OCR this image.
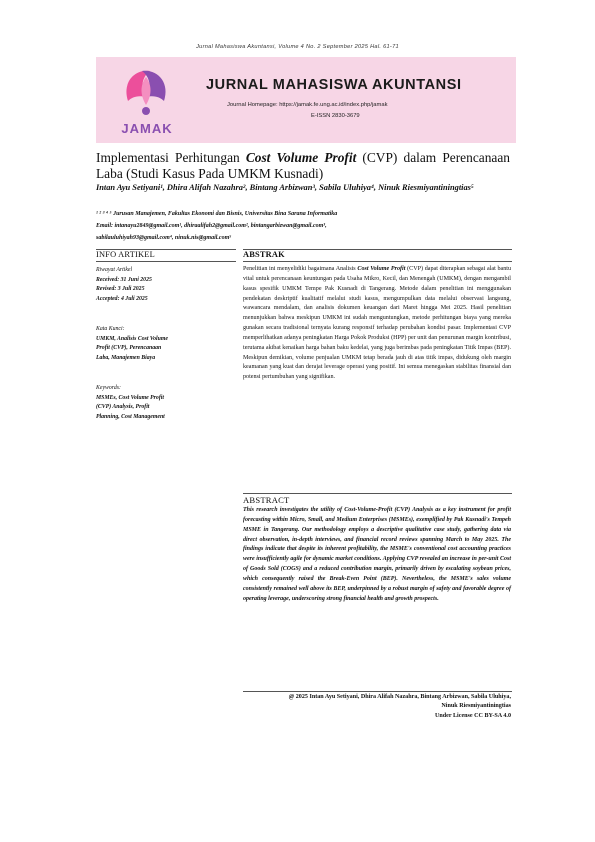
Jurnal Mahasiswa Akuntansi, Volume 4 No. 2 September 2025 Hal. 61-71
JAMAK
JURNAL MAHASISWA AKUNTANSI
Journal Homepage: https://jamak.fe.ung.ac.id/index.php/jamak
E-ISSN 2830-3679
Implementasi Perhitungan Cost Volume Profit (CVP) dalam Perencanaan Laba (Studi Kasus Pada UMKM Kusnadi)
Intan Ayu Setiyani¹, Dhira Alifah Nazahra², Bintang Arbizwan³, Sabila Uluhiya⁴, Ninuk Riesmiyantiningtias⁵
¹ ² ³ ⁴ ⁵ Jurusan Manajemen, Fakultas Ekonomi dan Bisnis, Universitas Bina Sarana Informatika
Email: intanayu2849@gmail.com¹, dhiraalifah2@gmail.com², bintangarbizwan@gmail.com³,
sabilauluhiyah93@gmail.com⁴, ninuk.nis@gmail.com⁵
INFO ARTIKEL	ABSTRAK
Riwayat Artikel
Received: 31 Juni 2025
Revised: 3 Juli 2025
Accepted: 4 Juli 2025
Kata Kunci:
UMKM, Analisis Cost Volume
Profit (CVP), Perencanaan
Laba, Manajemen Biaya
Keywords:
MSMEs, Cost Volume Profit
(CVP) Analysis, Profit
Planning, Cost Management
Penelitian ini menyelidiki bagaimana Analisis Cost Volume Profit (CVP) dapat diterapkan sebagai alat bantu vital untuk perencanaan keuntungan pada Usaha Mikro, Kecil, dan Menengah (UMKM), dengan mengambil kasus spesifik UMKM Tempe Pak Kusnadi di Tangerang. Metode dalam penelitian ini menggunakan pendekatan deskriptif kualitatif melalui studi kasus, mengumpulkan data melalui observasi langsung, wawancara mendalam, dan analisis dokumen keuangan dari Maret hingga Mei 2025. Hasil penelitian menunjukkan bahwa meskipun UMKM ini sudah menguntungkan, metode perhitungan biaya yang mereka gunakan secara tradisional ternyata kurang responsif terhadap perubahan kondisi pasar. Implementasi CVP memperlihatkan adanya peningkatan Harga Pokok Produksi (HPP) per unit dan penurunan margin kontribusi, terutama akibat kenaikan harga bahan baku kedelai, yang juga berimbas pada peningkatan Titik Impas (BEP). Meskipun demikian, volume penjualan UMKM tetap berada jauh di atas titik impas, didukung oleh margin keamanan yang kuat dan derajat leverage operasi yang positif. Ini semua menegaskan stabilitas finansial dan potensi pertumbuhan yang signifikan.
ABSTRACT
This research investigates the utility of Cost-Volume-Profit (CVP) Analysis as a key instrument for profit forecasting within Micro, Small, and Medium Enterprises (MSMEs), exemplified by Pak Kusnadi's Tempeh MSME in Tangerang. Our methodology employs a descriptive qualitative case study, gathering data via direct observation, in-depth interviews, and financial record reviews spanning March to May 2025. The findings indicate that despite its inherent profitability, the MSME's conventional cost accounting practices were insufficiently agile for dynamic market conditions. Applying CVP revealed an increase in per-unit Cost of Goods Sold (COGS) and a reduced contribution margin, primarily driven by escalating soybean prices, which consequently raised the Break-Even Point (BEP). Nevertheless, the MSME's sales volume consistently remained well above its BEP, underpinned by a robust margin of safety and favorable degree of operating leverage, underscoring strong financial health and growth prospects.
@ 2025 Intan Ayu Setiyani, Dhira Alifah Nazahra, Bintang Arbizwan, Sabila Uluhiya,
Ninuk Riesmiyantiningtias
Under License CC BY-SA 4.0
